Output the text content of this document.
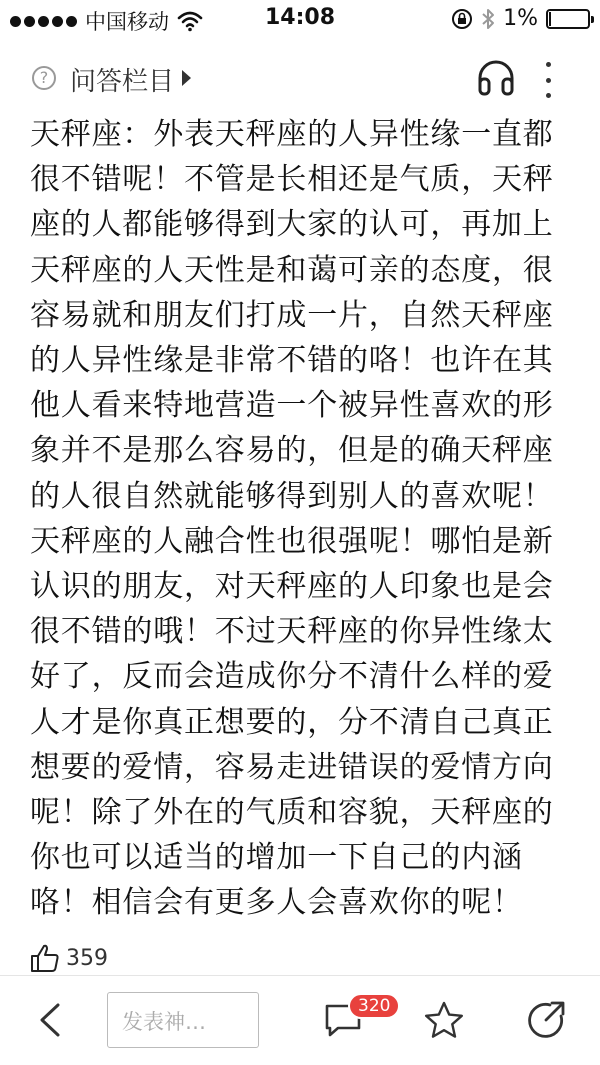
中国移动	14:08	1%
? 问答栏目
天秤座：外表天秤座的人异性缘一直都很不错呢！不管是长相还是气质，天秤座的人都能够得到大家的认可，再加上天秤座的人天性是和蔼可亲的态度，很容易就和朋友们打成一片，自然天秤座的人异性缘是非常不错的咯！也许在其他人看来特地营造一个被异性喜欢的形象并不是那么容易的，但是的确天秤座的人很自然就能够得到别人的喜欢呢！天秤座的人融合性也很强呢！哪怕是新认识的朋友，对天秤座的人印象也是会很不错的哦！不过天秤座的你异性缘太好了，反而会造成你分不清什么样的爱人才是你真正想要的，分不清自己真正想要的爱情，容易走进错误的爱情方向呢！除了外在的气质和容貌，天秤座的你也可以适当的增加一下自己的内涵咯！相信会有更多人会喜欢你的呢！
359
发表神…
320
